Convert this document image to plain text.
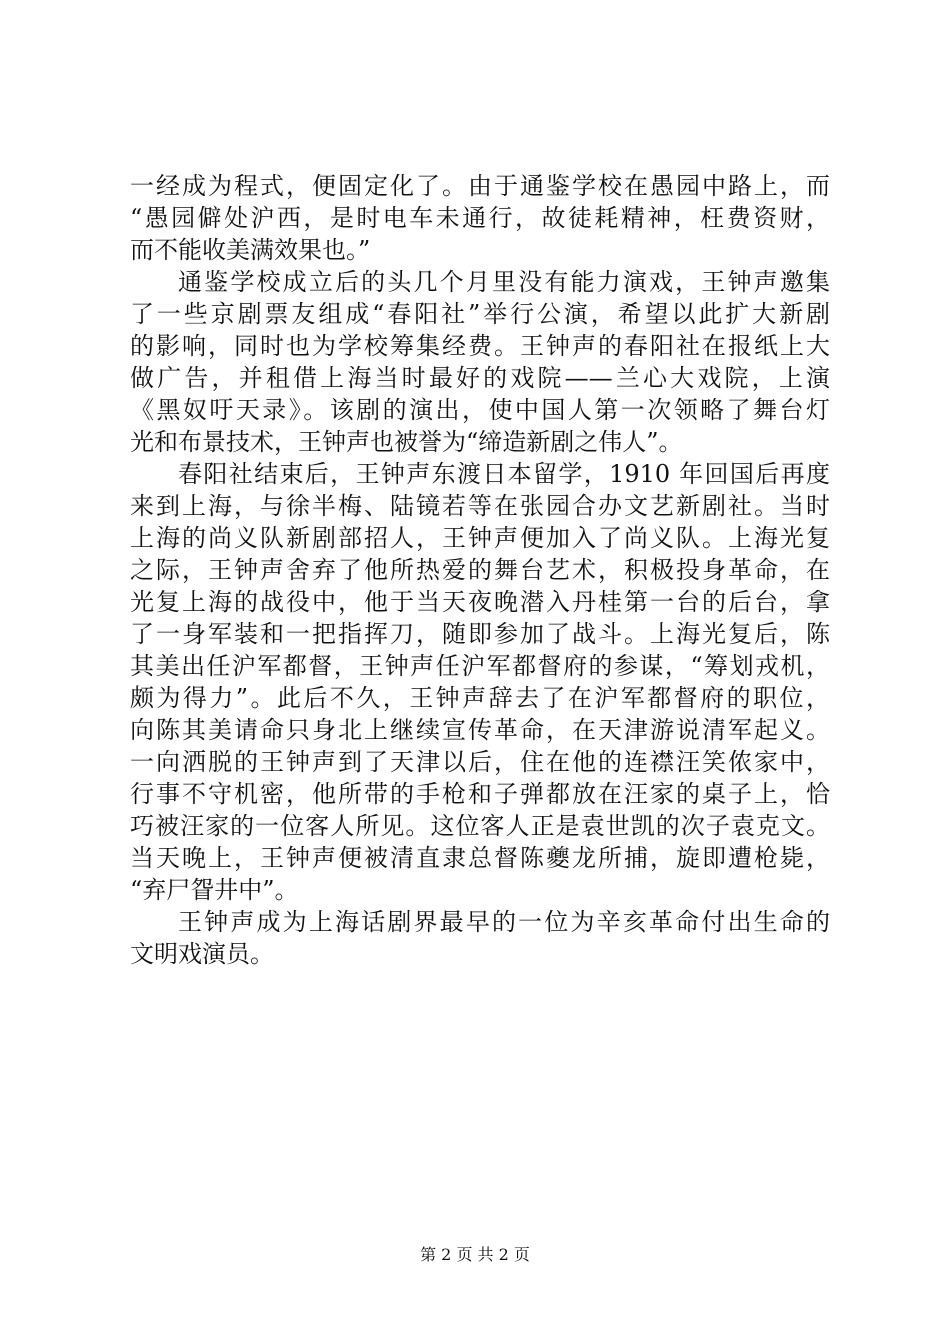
一经成为程式，便固定化了。由于通鉴学校在愚园中路上，而
“愚园僻处沪西，是时电车未通行，故徒耗精神，枉费资财，
而不能收美满效果也。”
通鉴学校成立后的头几个月里没有能力演戏，王钟声邀集
了一些京剧票友组成“春阳社”举行公演，希望以此扩大新剧
的影响，同时也为学校筹集经费。王钟声的春阳社在报纸上大
做广告，并租借上海当时最好的戏院——兰心大戏院，上演
《黑奴吁天录》。该剧的演出，使中国人第一次领略了舞台灯
光和布景技术，王钟声也被誉为“缔造新剧之伟人”。
春阳社结束后，王钟声东渡日本留学，1910 年回国后再度
来到上海，与徐半梅、陆镜若等在张园合办文艺新剧社。当时
上海的尚义队新剧部招人，王钟声便加入了尚义队。上海光复
之际，王钟声舍弃了他所热爱的舞台艺术，积极投身革命，在
光复上海的战役中，他于当天夜晚潜入丹桂第一台的后台，拿
了一身军装和一把指挥刀，随即参加了战斗。上海光复后，陈
其美出任沪军都督，王钟声任沪军都督府的参谋，“筹划戎机，
颇为得力”。此后不久，王钟声辞去了在沪军都督府的职位，
向陈其美请命只身北上继续宣传革命，在天津游说清军起义。
一向洒脱的王钟声到了天津以后，住在他的连襟汪笑侬家中，
行事不守机密，他所带的手枪和子弹都放在汪家的桌子上，恰
巧被汪家的一位客人所见。这位客人正是袁世凯的次子袁克文。
当天晚上，王钟声便被清直隶总督陈夔龙所捕，旋即遭枪毙，
“弃尸眢井中”。
王钟声成为上海话剧界最早的一位为辛亥革命付出生命的
文明戏演员。
第 2 页 共 2 页
